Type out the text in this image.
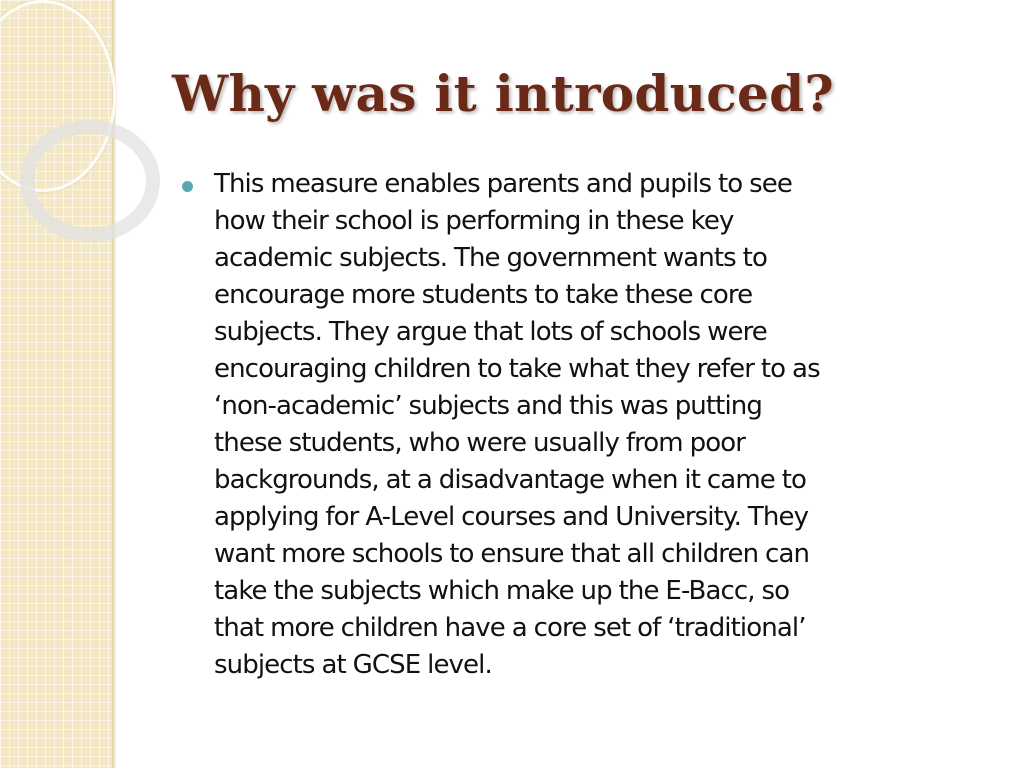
Why was it introduced?

This measure enables parents and pupils to see
how their school is performing in these key
academic subjects. The government wants to
encourage more students to take these core
subjects. They argue that lots of schools were
encouraging children to take what they refer to as
‘non-academic’ subjects and this was putting
these students, who were usually from poor
backgrounds, at a disadvantage when it came to
applying for A-Level courses and University. They
want more schools to ensure that all children can
take the subjects which make up the E-Bacc, so
that more children have a core set of ‘traditional’
subjects at GCSE level.
